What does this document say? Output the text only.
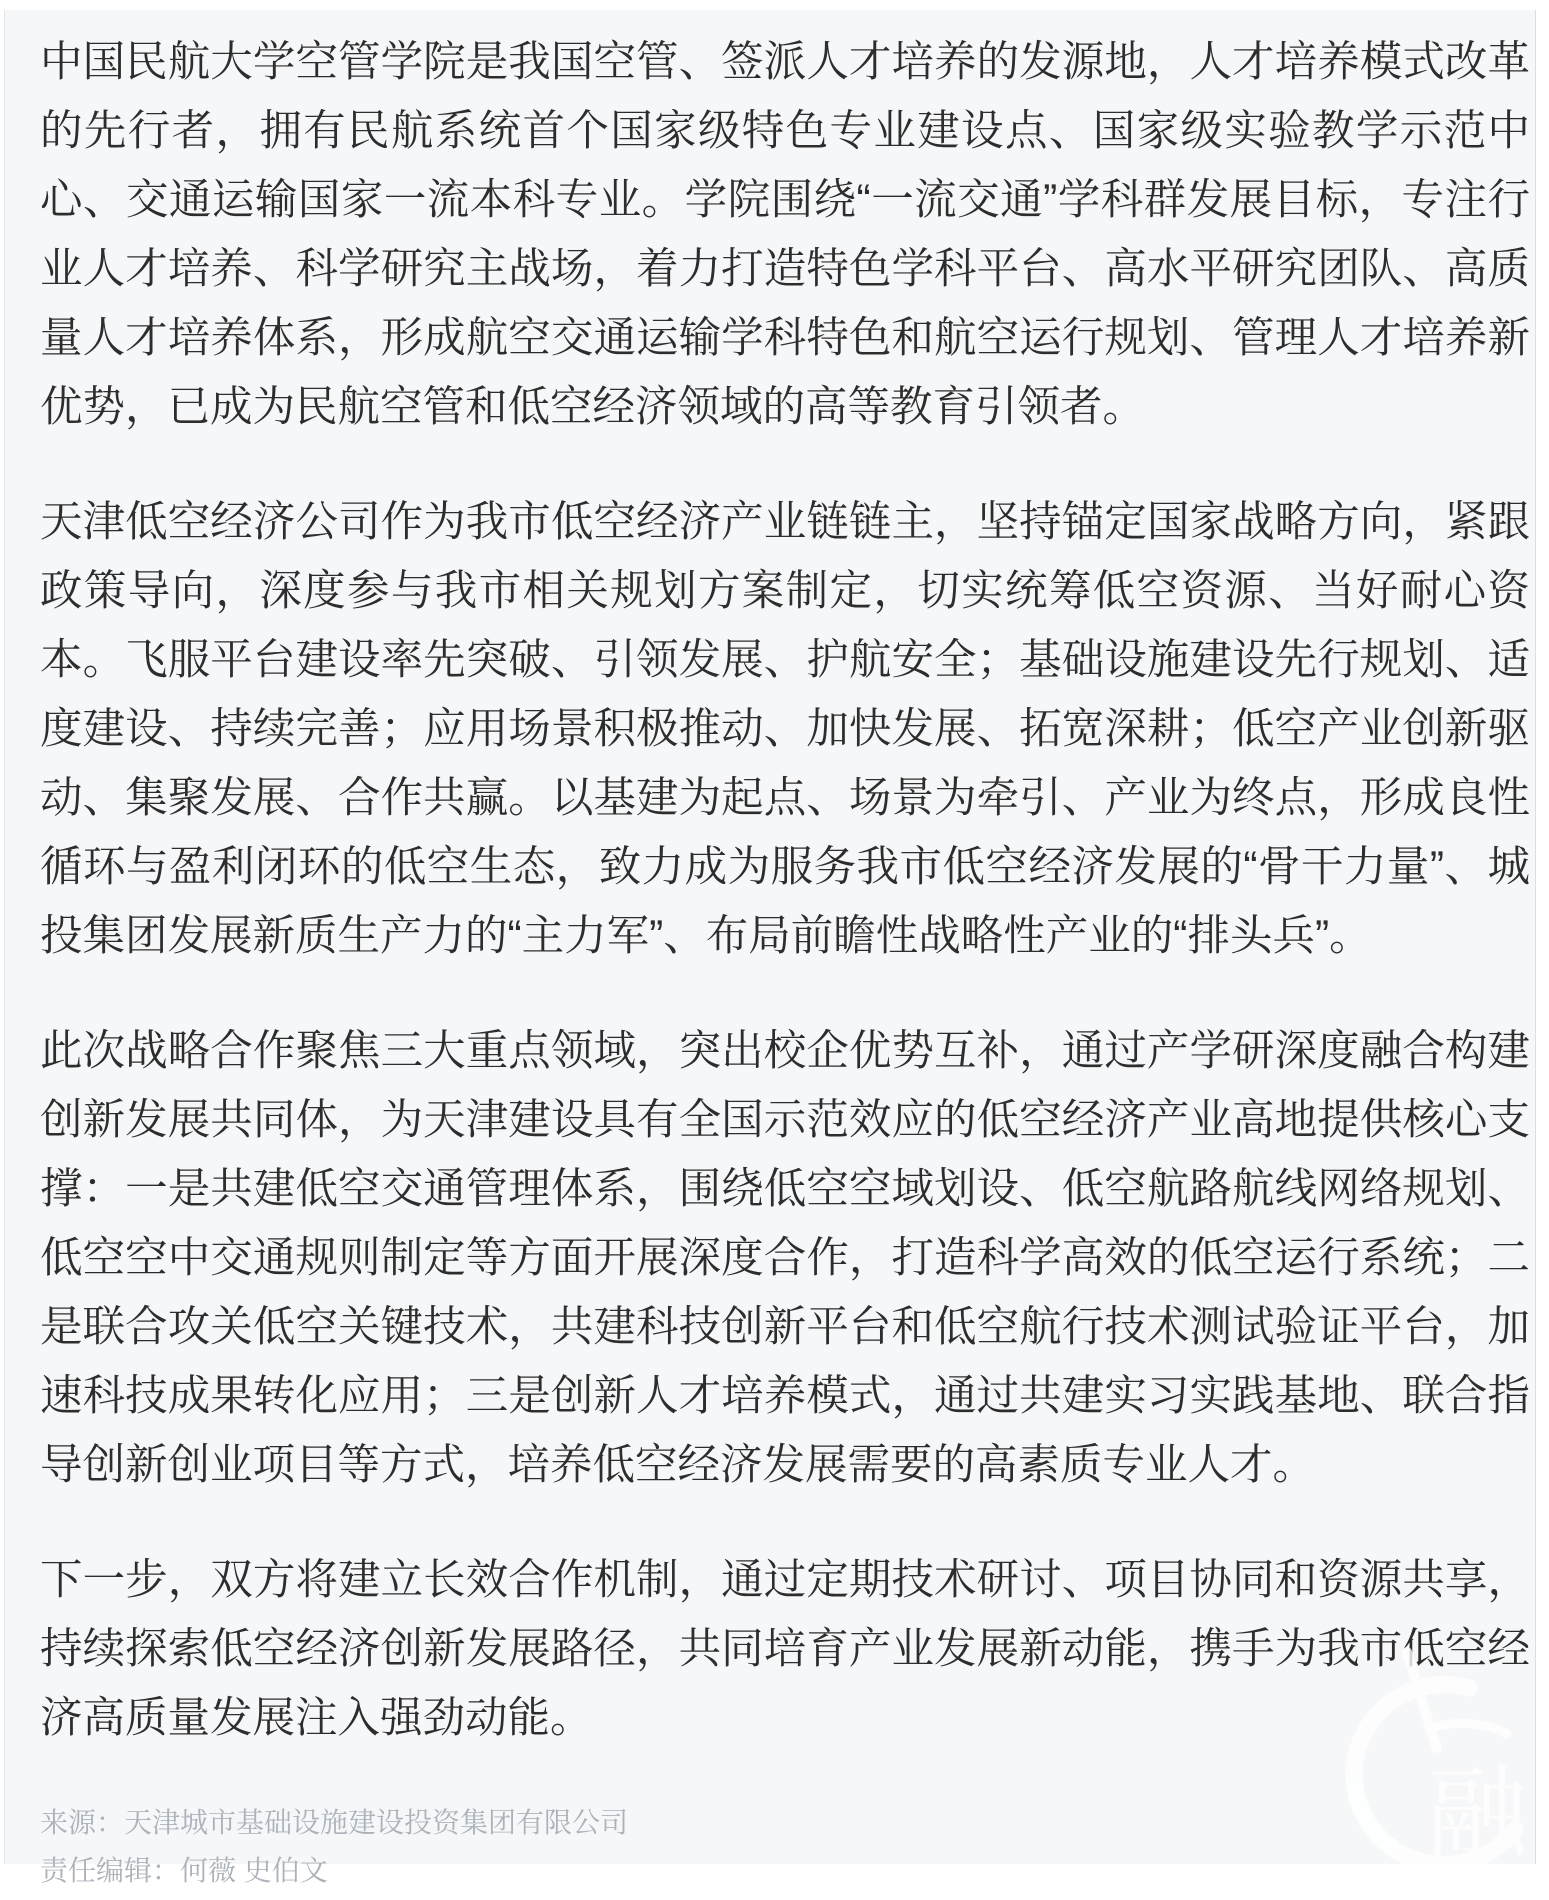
中国民航大学空管学院是我国空管、签派人才培养的发源地，人才培养模式改革的先行者，拥有民航系统首个国家级特色专业建设点、国家级实验教学示范中心、交通运输国家一流本科专业。学院围绕“一流交通”学科群发展目标，专注行业人才培养、科学研究主战场，着力打造特色学科平台、高水平研究团队、高质量人才培养体系，形成航空交通运输学科特色和航空运行规划、管理人才培养新优势，已成为民航空管和低空经济领域的高等教育引领者。

天津低空经济公司作为我市低空经济产业链链主，坚持锚定国家战略方向，紧跟政策导向，深度参与我市相关规划方案制定，切实统筹低空资源、当好耐心资本。飞服平台建设率先突破、引领发展、护航安全；基础设施建设先行规划、适度建设、持续完善；应用场景积极推动、加快发展、拓宽深耕；低空产业创新驱动、集聚发展、合作共赢。以基建为起点、场景为牵引、产业为终点，形成良性循环与盈利闭环的低空生态，致力成为服务我市低空经济发展的“骨干力量”、城投集团发展新质生产力的“主力军”、布局前瞻性战略性产业的“排头兵”。

此次战略合作聚焦三大重点领域，突出校企优势互补，通过产学研深度融合构建创新发展共同体，为天津建设具有全国示范效应的低空经济产业高地提供核心支撑：一是共建低空交通管理体系，围绕低空空域划设、低空航路航线网络规划、低空空中交通规则制定等方面开展深度合作，打造科学高效的低空运行系统；二是联合攻关低空关键技术，共建科技创新平台和低空航行技术测试验证平台，加速科技成果转化应用；三是创新人才培养模式，通过共建实习实践基地、联合指导创新创业项目等方式，培养低空经济发展需要的高素质专业人才。

下一步，双方将建立长效合作机制，通过定期技术研讨、项目协同和资源共享，持续探索低空经济创新发展路径，共同培育产业发展新动能，携手为我市低空经济高质量发展注入强劲动能。

来源：天津城市基础设施建设投资集团有限公司
责任编辑：何薇 史伯文
融
